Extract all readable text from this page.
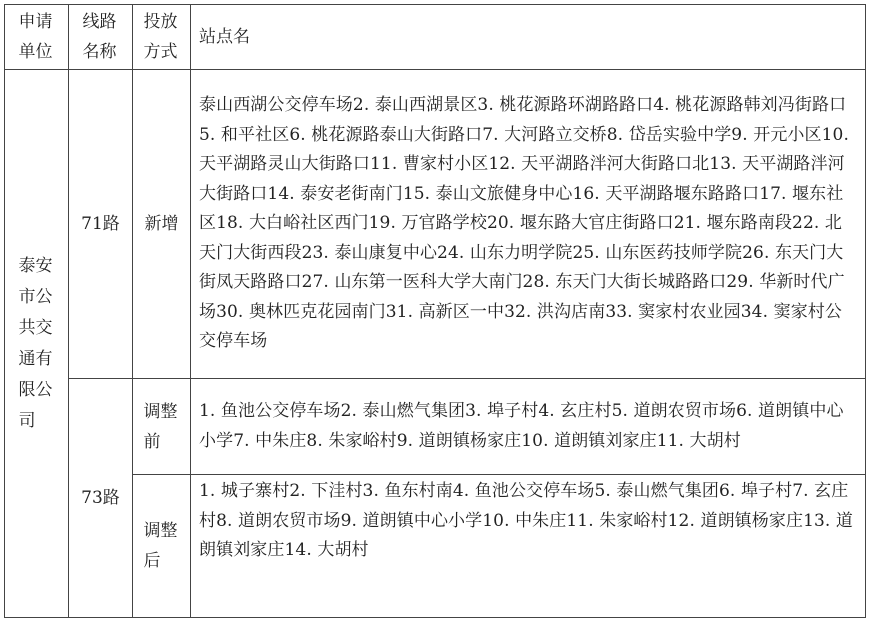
申请单位	线路名称	投放方式	站点名
泰安市公共交通有限公司	71路	新增	泰山西湖公交停车场2. 泰山西湖景区3. 桃花源路环湖路路口4. 桃花源路韩刘冯街路口5. 和平社区6. 桃花源路泰山大街路口7. 大河路立交桥8. 岱岳实验中学9. 开元小区10. 天平湖路灵山大街路口11. 曹家村小区12. 天平湖路泮河大街路口北13. 天平湖路泮河大街路口14. 泰安老街南门15. 泰山文旅健身中心16. 天平湖路堰东路路口17. 堰东社区18. 大白峪社区西门19. 万官路学校20. 堰东路大官庄街路口21. 堰东路南段22. 北天门大街西段23. 泰山康复中心24. 山东力明学院25. 山东医药技师学院26. 东天门大街凤天路路口27. 山东第一医科大学大南门28. 东天门大街长城路路口29. 华新时代广场30. 奥林匹克花园南门31. 高新区一中32. 洪沟店南33. 窦家村农业园34. 窦家村公交停车场
	73路	调整前	1. 鱼池公交停车场2. 泰山燃气集团3. 埠子村4. 玄庄村5. 道朗农贸市场6. 道朗镇中心小学7. 中朱庄8. 朱家峪村9. 道朗镇杨家庄10. 道朗镇刘家庄11. 大胡村
		调整后	1. 城子寨村2. 下洼村3. 鱼东村南4. 鱼池公交停车场5. 泰山燃气集团6. 埠子村7. 玄庄村8. 道朗农贸市场9. 道朗镇中心小学10. 中朱庄11. 朱家峪村12. 道朗镇杨家庄13. 道朗镇刘家庄14. 大胡村
